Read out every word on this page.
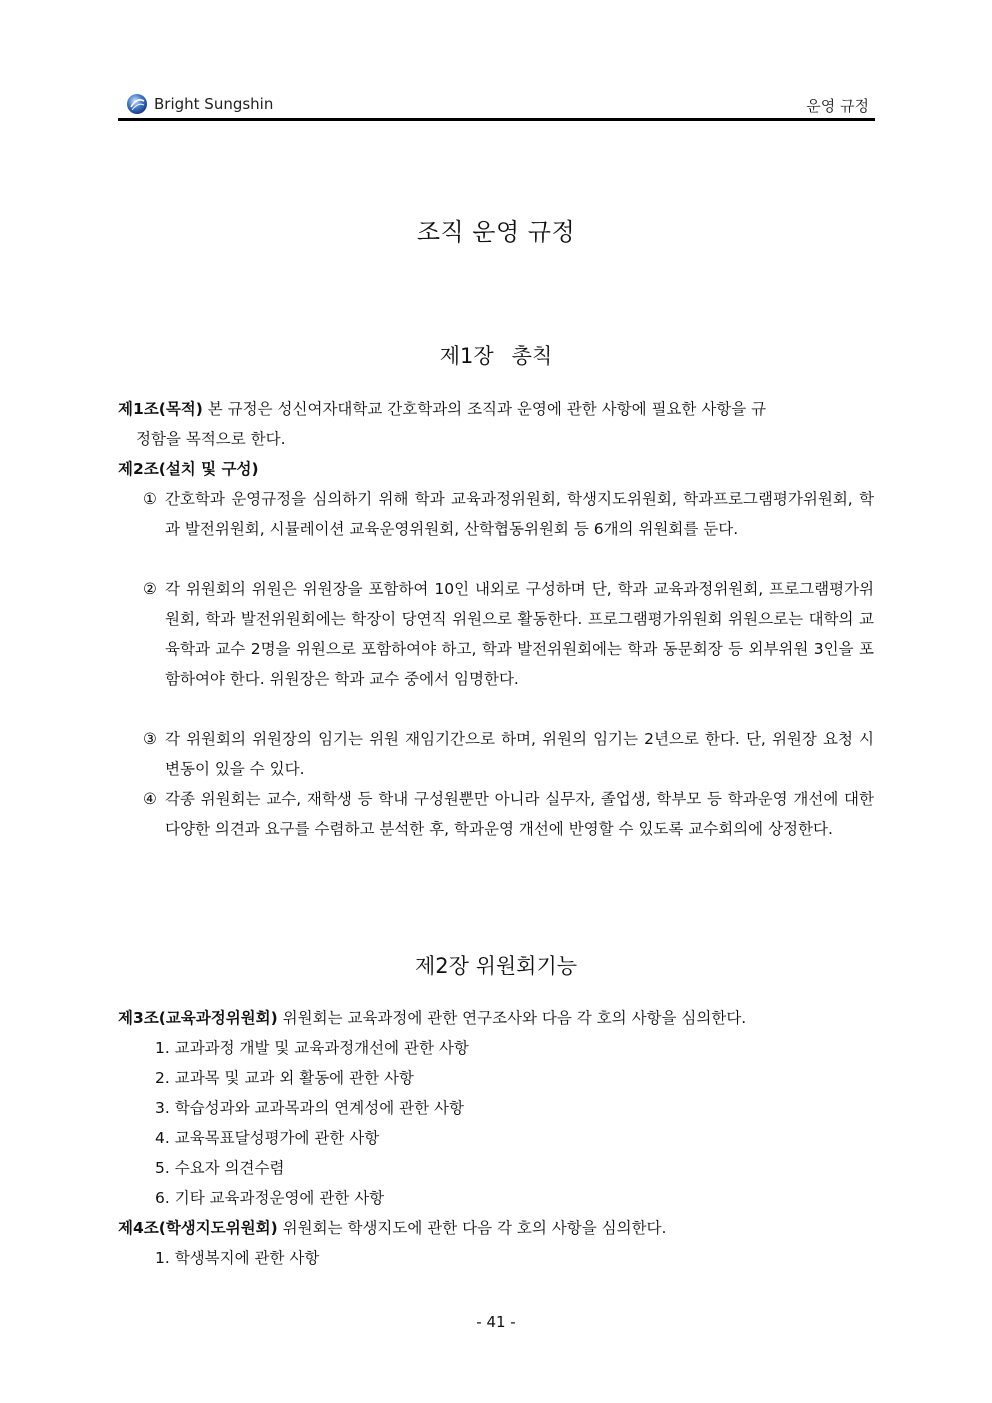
Bright Sungshin	운영 규정
조직 운영 규정
제1장 총칙
제1조(목적) 본 규정은 성신여자대학교 간호학과의 조직과 운영에 관한 사항에 필요한 사항을 규
정함을 목적으로 한다.
제2조(설치 및 구성)
① 간호학과 운영규정을 심의하기 위해 학과 교육과정위원회, 학생지도위원회, 학과프로그램평가위원회, 학과 발전위원회, 시뮬레이션 교육운영위원회, 산학협동위원회 등 6개의 위원회를 둔다.
② 각 위원회의 위원은 위원장을 포함하여 10인 내외로 구성하며 단, 학과 교육과정위원회, 프로그램평가위원회, 학과 발전위원회에는 학장이 당연직 위원으로 활동한다. 프로그램평가위원회 위원으로는 대학의 교육학과 교수 2명을 위원으로 포함하여야 하고, 학과 발전위원회에는 학과 동문회장 등 외부위원 3인을 포함하여야 한다. 위원장은 학과 교수 중에서 임명한다.
③ 각 위원회의 위원장의 임기는 위원 재임기간으로 하며, 위원의 임기는 2년으로 한다. 단, 위원장 요청 시 변동이 있을 수 있다.
④ 각종 위원회는 교수, 재학생 등 학내 구성원뿐만 아니라 실무자, 졸업생, 학부모 등 학과운영 개선에 대한 다양한 의견과 요구를 수렴하고 분석한 후, 학과운영 개선에 반영할 수 있도록 교수회의에 상정한다.
제2장 위원회기능
제3조(교육과정위원회) 위원회는 교육과정에 관한 연구조사와 다음 각 호의 사항을 심의한다.
1. 교과과정 개발 및 교육과정개선에 관한 사항
2. 교과목 및 교과 외 활동에 관한 사항
3. 학습성과와 교과목과의 연계성에 관한 사항
4. 교육목표달성평가에 관한 사항
5. 수요자 의견수렴
6. 기타 교육과정운영에 관한 사항
제4조(학생지도위원회) 위원회는 학생지도에 관한 다음 각 호의 사항을 심의한다.
1. 학생복지에 관한 사항
- 41 -
